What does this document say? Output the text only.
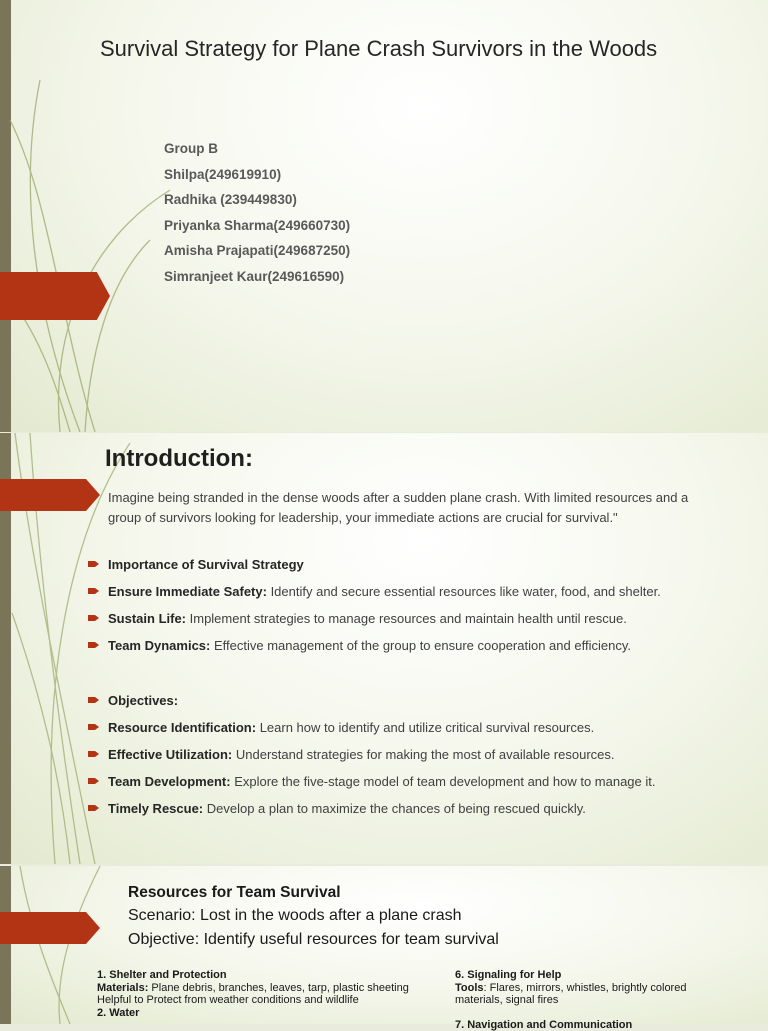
Survival Strategy for Plane Crash Survivors in the Woods
Group B
Shilpa(249619910)
Radhika (239449830)
Priyanka Sharma(249660730)
Amisha Prajapati(249687250)
Simranjeet Kaur(249616590)
Introduction:

Imagine being stranded in the dense woods after a sudden plane crash. With limited resources and a group of survivors looking for leadership, your immediate actions are crucial for survival."

Importance of Survival Strategy
Ensure Immediate Safety: Identify and secure essential resources like water, food, and shelter.
Sustain Life: Implement strategies to manage resources and maintain health until rescue.
Team Dynamics: Effective management of the group to ensure cooperation and efficiency.
Objectives:
Resource Identification: Learn how to identify and utilize critical survival resources.
Effective Utilization: Understand strategies for making the most of available resources.
Team Development: Explore the five-stage model of team development and how to manage it.
Timely Rescue: Develop a plan to maximize the chances of being rescued quickly.
Resources for Team Survival
Scenario: Lost in the woods after a plane crash
Objective: Identify useful resources for team survival
1. Shelter and Protection
Materials: Plane debris, branches, leaves, tarp, plastic sheeting
Helpful to Protect from weather conditions and wildlife
2. Water
6. Signaling for Help
Tools: Flares, mirrors, whistles, brightly colored materials, signal fires
7. Navigation and Communication
